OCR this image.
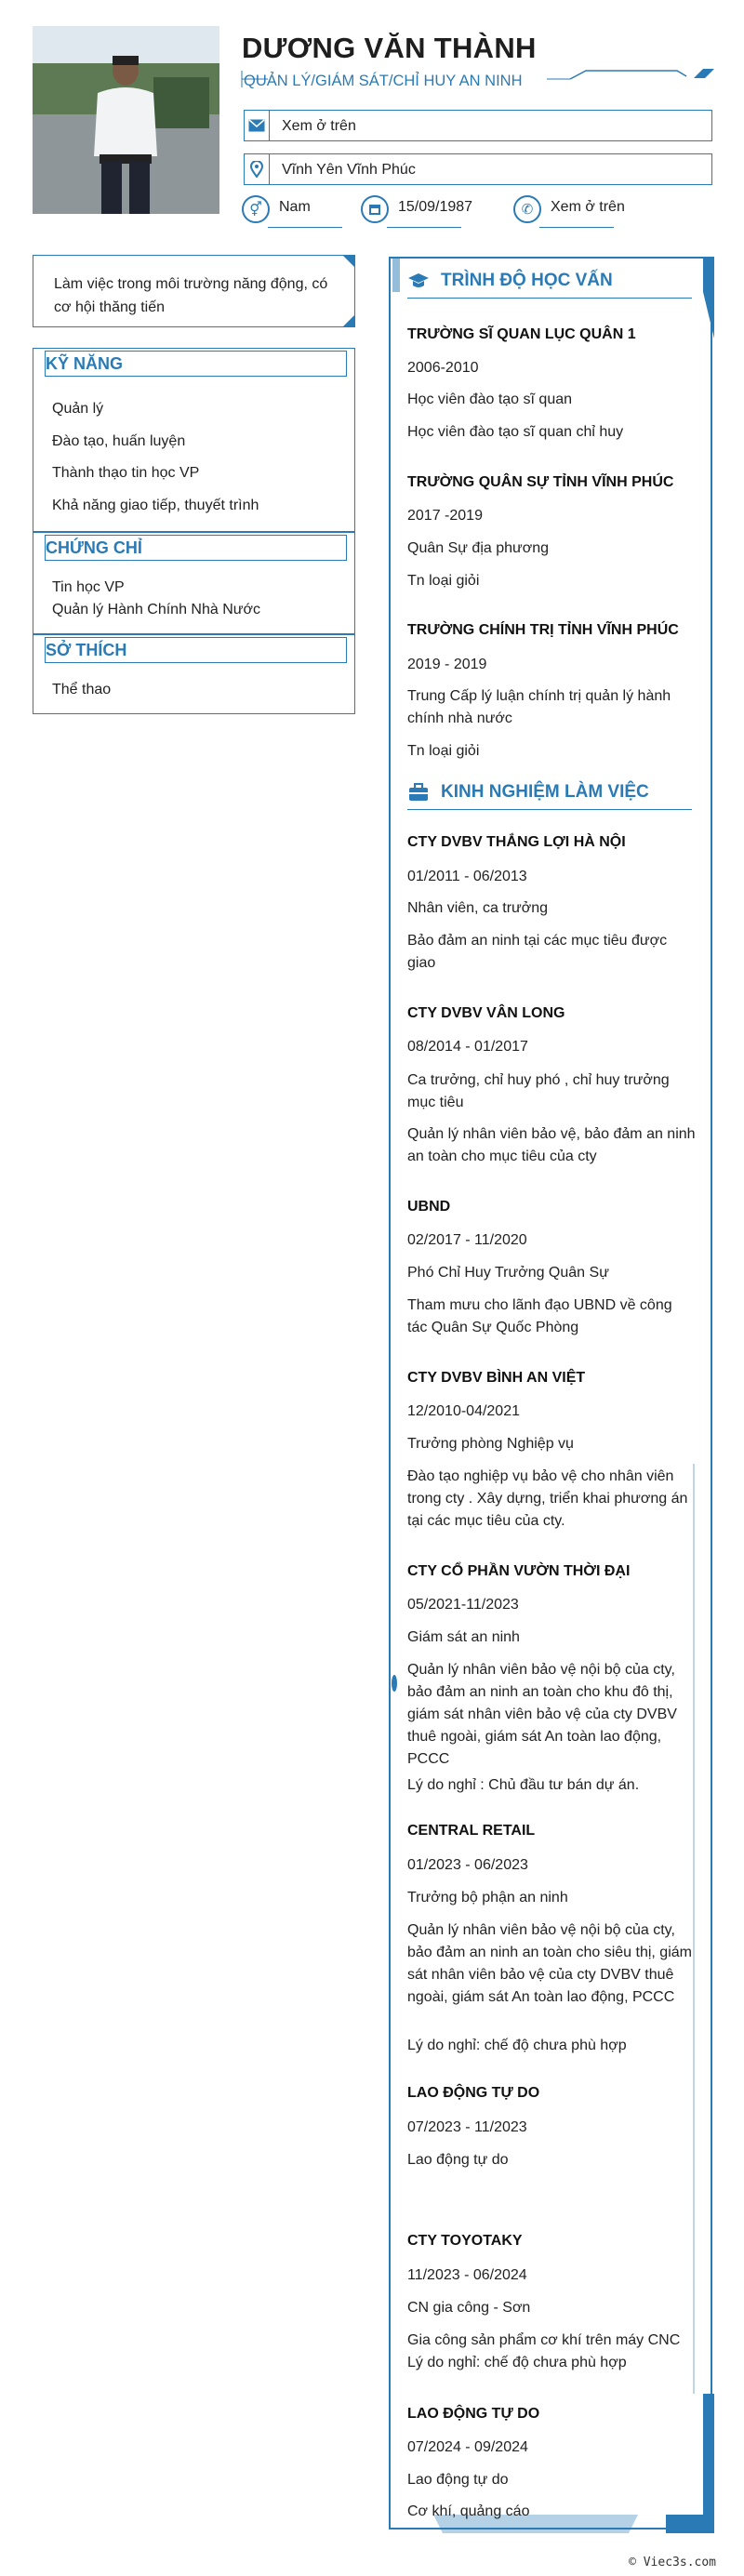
DƯƠNG VĂN THÀNH
QUẢN LÝ/GIÁM SÁT/CHỈ HUY AN NINH
Xem ở trên
Vĩnh Yên Vĩnh Phúc
⚥ Nam	15/09/1987	✆ Xem ở trên
Làm việc trong môi trường năng động, có cơ hội thăng tiến
KỸ NĂNG
Quản lý
Đào tạo, huấn luyện
Thành thạo tin học VP
Khả năng giao tiếp, thuyết trình
CHỨNG CHỈ
Tin học VP
Quản lý Hành Chính Nhà Nước
SỞ THÍCH
Thể thao
TRÌNH ĐỘ HỌC VẤN
TRƯỜNG SĨ QUAN LỤC QUÂN 1
2006-2010
Học viên đào tạo sĩ quan
Học viên đào tạo sĩ quan chỉ huy
TRƯỜNG QUÂN SỰ TỈNH VĨNH PHÚC
2017 -2019
Quân Sự địa phương
Tn loại giỏi
TRƯỜNG CHÍNH TRỊ TỈNH VĨNH PHÚC
2019 - 2019
Trung Cấp lý luận chính trị quản lý hành chính nhà nước
Tn loại giỏi
KINH NGHIỆM LÀM VIỆC
CTY DVBV THẮNG LỢI HÀ NỘI
01/2011 - 06/2013
Nhân viên, ca trưởng
Bảo đảm an ninh tại các mục tiêu được giao
CTY DVBV VÂN LONG
08/2014 - 01/2017
Ca trưởng, chỉ huy phó , chỉ huy trưởng mục tiêu
Quản lý nhân viên bảo vệ, bảo đảm an ninh an toàn cho mục tiêu của cty
UBND
02/2017 - 11/2020
Phó Chỉ Huy Trưởng Quân Sự
Tham mưu cho lãnh đạo UBND về công tác Quân Sự Quốc Phòng
CTY DVBV BÌNH AN VIỆT
12/2010-04/2021
Trưởng phòng Nghiệp vụ
Đào tạo nghiệp vụ bảo vệ cho nhân viên trong cty . Xây dựng, triển khai phương án tại các mục tiêu của cty.
CTY CỔ PHẦN VƯỜN THỜI ĐẠI
05/2021-11/2023
Giám sát an ninh
Quản lý nhân viên bảo vệ nội bộ của cty, bảo đảm an ninh an toàn cho khu đô thị, giám sát nhân viên bảo vệ của cty DVBV thuê ngoài, giám sát An toàn lao động, PCCC
Lý do nghỉ : Chủ đầu tư bán dự án.
CENTRAL RETAIL
01/2023 - 06/2023
Trưởng bộ phận an ninh
Quản lý nhân viên bảo vệ nội bộ của cty, bảo đảm an ninh an toàn cho siêu thị, giám sát nhân viên bảo vệ của cty DVBV thuê ngoài, giám sát An toàn lao động, PCCC
Lý do nghỉ: chế độ chưa phù hợp
LAO ĐỘNG TỰ DO
07/2023 - 11/2023
Lao động tự do
CTY TOYOTAKY
11/2023 - 06/2024
CN gia công - Sơn
Gia công sản phẩm cơ khí trên máy CNC
Lý do nghỉ: chế độ chưa phù hợp
LAO ĐỘNG TỰ DO
07/2024 - 09/2024
Lao động tự do
Cơ khí, quảng cáo
© Viec3s.com
